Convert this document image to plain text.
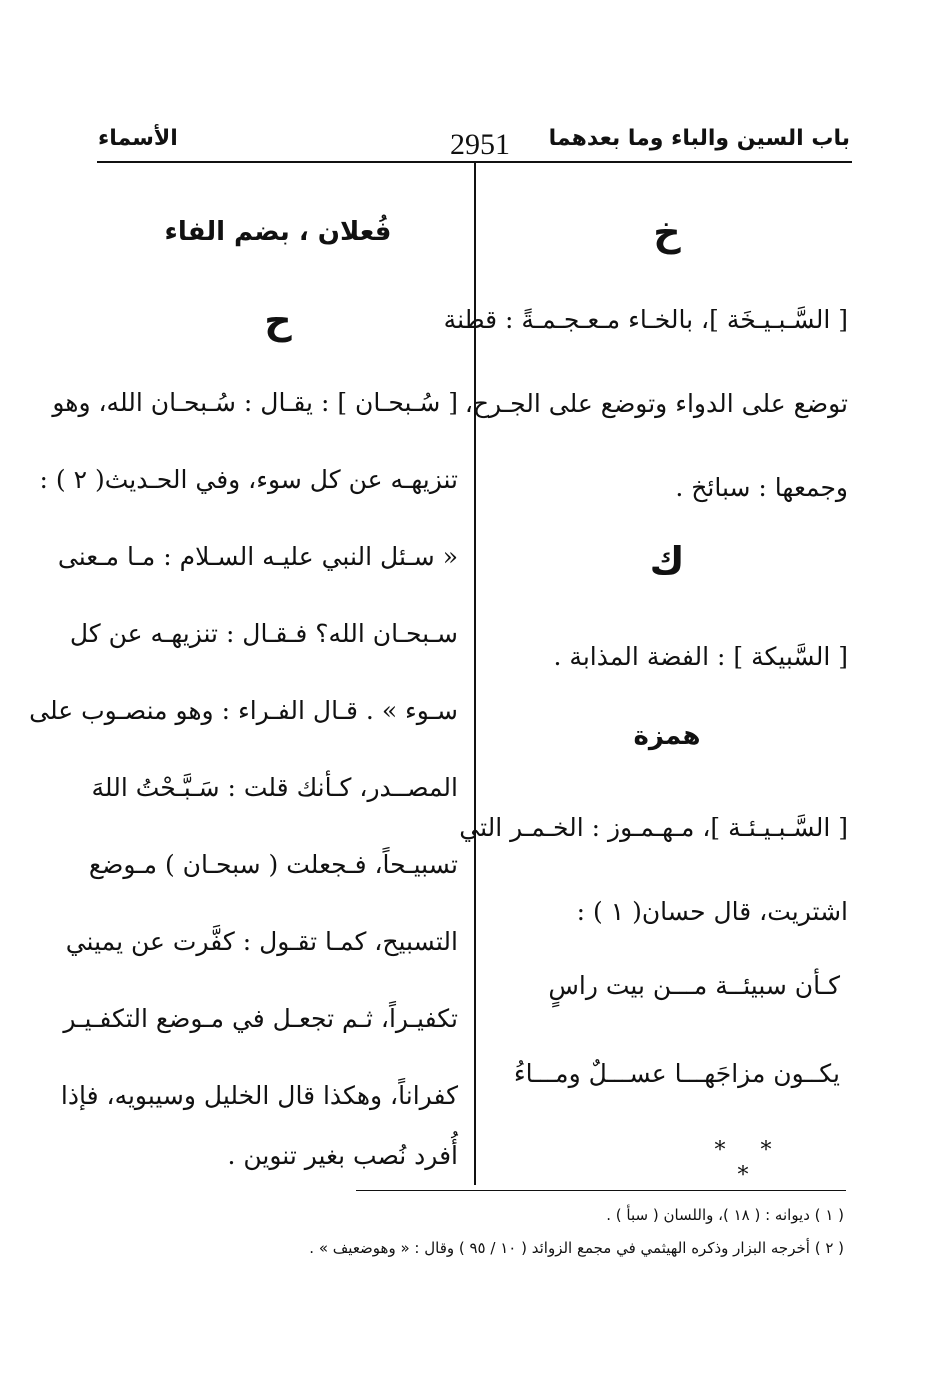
باب السين والباء وما بعدهما
2951
الأسماء
خ
[ السَّـبـيـخَة ]، بالخـاء مـعـجـمـةً : قطنة
توضع على الدواء وتوضع على الجـرح،
وجمعها : سبائخ .
ك
[ السَّبيكة ] : الفضة المذابة .
همزة
[ السَّـبـيـئـة ]، مـهـمـوز : الخـمـر التي
اشتريت، قال حسان( ١ ) :
كـأن سبيئــة مـــن بيت راسٍ
يكــون مزاجَهـــا عســـلٌ ومـــاءُ
* * *
فُعلان ، بضم الفاء
ح
[ سُـبحـان ] : يقـال : سُـبحـان الله، وهو
تنزيهـه عن كل سوء، وفي الحـديث( ٢ ) :
« سـئل النبي عليـه السـلام : مـا مـعنى
سـبحـان الله؟ فـقـال : تنزيهـه عن كل
سـوء » . قـال الفـراء : وهو منصـوب على
المصــدر، كـأنك قلت : سَـبَّـحْتُ اللهَ
تسبيـحاً، فـجعلت ( سبحـان ) مـوضع
التسبيح، كمـا تقـول : كفَّرت عن يميني
تكفيـراً، ثـم تجعـل في مـوضع التكفـيـر
كفراناً، وهكذا قال الخليل وسيبويه، فإذا
أُفرد نُصب بغير تنوين .
( ١ ) ديوانه : ( ١٨ )، واللسان ( سبأ ) .
( ٢ ) أخرجه البزار وذكره الهيثمي في مجمع الزوائد ( ١٠ / ٩٥ ) وقال : « وهوضعيف » .
